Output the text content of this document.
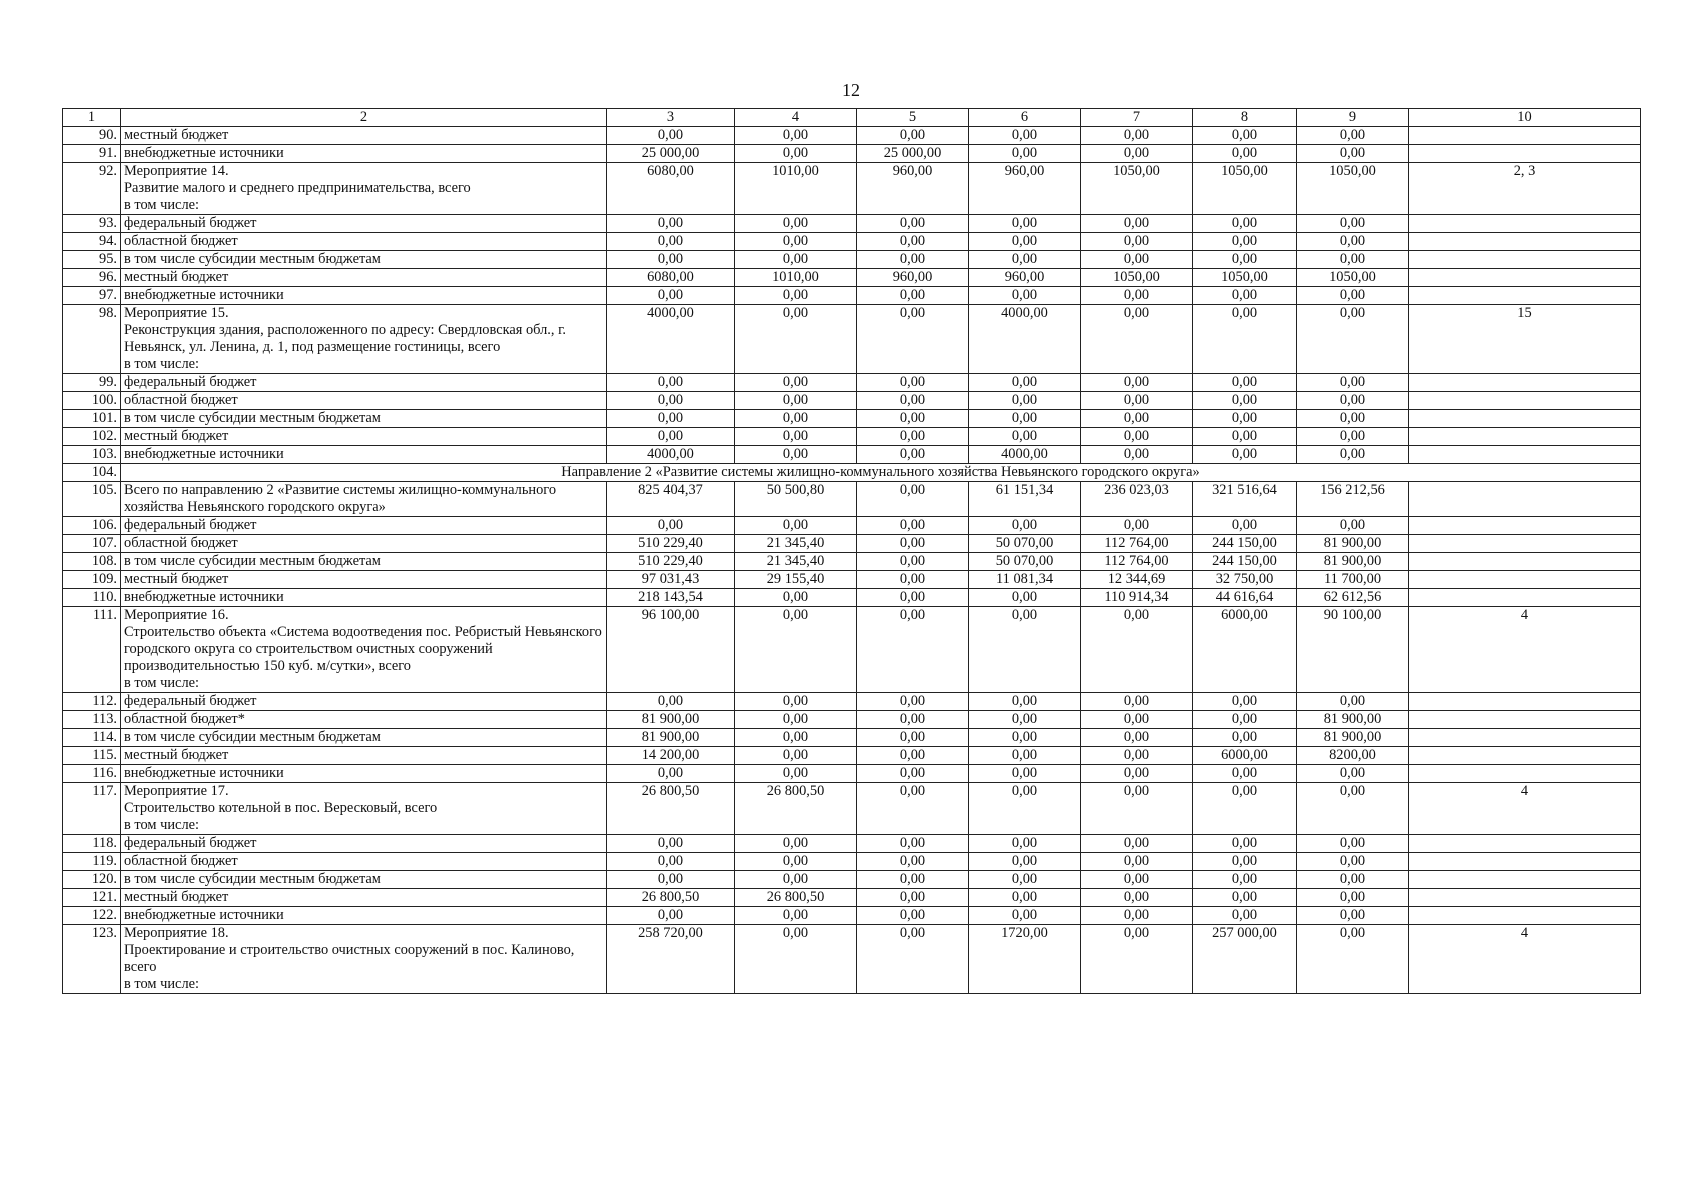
12
1	2	3	4	5	6	7	8	9	10
90.	местный бюджет	0,00	0,00	0,00	0,00	0,00	0,00	0,00	
91.	внебюджетные источники	25 000,00	0,00	25 000,00	0,00	0,00	0,00	0,00	
92.	Мероприятие 14.
Развитие малого и среднего предпринимательства, всего
в том числе:	6080,00	1010,00	960,00	960,00	1050,00	1050,00	1050,00	2, 3
93.	федеральный бюджет	0,00	0,00	0,00	0,00	0,00	0,00	0,00	
94.	областной бюджет	0,00	0,00	0,00	0,00	0,00	0,00	0,00	
95.	в том числе субсидии местным бюджетам	0,00	0,00	0,00	0,00	0,00	0,00	0,00	
96.	местный бюджет	6080,00	1010,00	960,00	960,00	1050,00	1050,00	1050,00	
97.	внебюджетные источники	0,00	0,00	0,00	0,00	0,00	0,00	0,00	
98.	Мероприятие 15.
Реконструкция здания, расположенного по адресу: Свердловская обл., г. Невьянск, ул. Ленина, д. 1, под размещение гостиницы, всего
в том числе:	4000,00	0,00	0,00	4000,00	0,00	0,00	0,00	15
99.	федеральный бюджет	0,00	0,00	0,00	0,00	0,00	0,00	0,00	
100.	областной бюджет	0,00	0,00	0,00	0,00	0,00	0,00	0,00	
101.	в том числе субсидии местным бюджетам	0,00	0,00	0,00	0,00	0,00	0,00	0,00	
102.	местный бюджет	0,00	0,00	0,00	0,00	0,00	0,00	0,00	
103.	внебюджетные источники	4000,00	0,00	0,00	4000,00	0,00	0,00	0,00	
104.	Направление 2 «Развитие системы жилищно-коммунального хозяйства Невьянского городского округа»								
105.	Всего по направлению 2 «Развитие системы жилищно-коммунального хозяйства Невьянского городского округа»	825 404,37	50 500,80	0,00	61 151,34	236 023,03	321 516,64	156 212,56	
106.	федеральный бюджет	0,00	0,00	0,00	0,00	0,00	0,00	0,00	
107.	областной бюджет	510 229,40	21 345,40	0,00	50 070,00	112 764,00	244 150,00	81 900,00	
108.	в том числе субсидии местным бюджетам	510 229,40	21 345,40	0,00	50 070,00	112 764,00	244 150,00	81 900,00	
109.	местный бюджет	97 031,43	29 155,40	0,00	11 081,34	12 344,69	32 750,00	11 700,00	
110.	внебюджетные источники	218 143,54	0,00	0,00	0,00	110 914,34	44 616,64	62 612,56	
111.	Мероприятие 16.
Строительство объекта «Система водоотведения пос. Ребристый Невьянского городского округа со строительством очистных сооружений производительностью 150 куб. м/сутки», всего
в том числе:	96 100,00	0,00	0,00	0,00	0,00	6000,00	90 100,00	4
112.	федеральный бюджет	0,00	0,00	0,00	0,00	0,00	0,00	0,00	
113.	областной бюджет*	81 900,00	0,00	0,00	0,00	0,00	0,00	81 900,00	
114.	в том числе субсидии местным бюджетам	81 900,00	0,00	0,00	0,00	0,00	0,00	81 900,00	
115.	местный бюджет	14 200,00	0,00	0,00	0,00	0,00	6000,00	8200,00	
116.	внебюджетные источники	0,00	0,00	0,00	0,00	0,00	0,00	0,00	
117.	Мероприятие 17.
Строительство котельной в пос. Вересковый, всего
в том числе:	26 800,50	26 800,50	0,00	0,00	0,00	0,00	0,00	4
118.	федеральный бюджет	0,00	0,00	0,00	0,00	0,00	0,00	0,00	
119.	областной бюджет	0,00	0,00	0,00	0,00	0,00	0,00	0,00	
120.	в том числе субсидии местным бюджетам	0,00	0,00	0,00	0,00	0,00	0,00	0,00	
121.	местный бюджет	26 800,50	26 800,50	0,00	0,00	0,00	0,00	0,00	
122.	внебюджетные источники	0,00	0,00	0,00	0,00	0,00	0,00	0,00	
123.	Мероприятие 18.
Проектирование и строительство очистных сооружений в пос. Калиново, всего
в том числе:	258 720,00	0,00	0,00	1720,00	0,00	257 000,00	0,00	4
